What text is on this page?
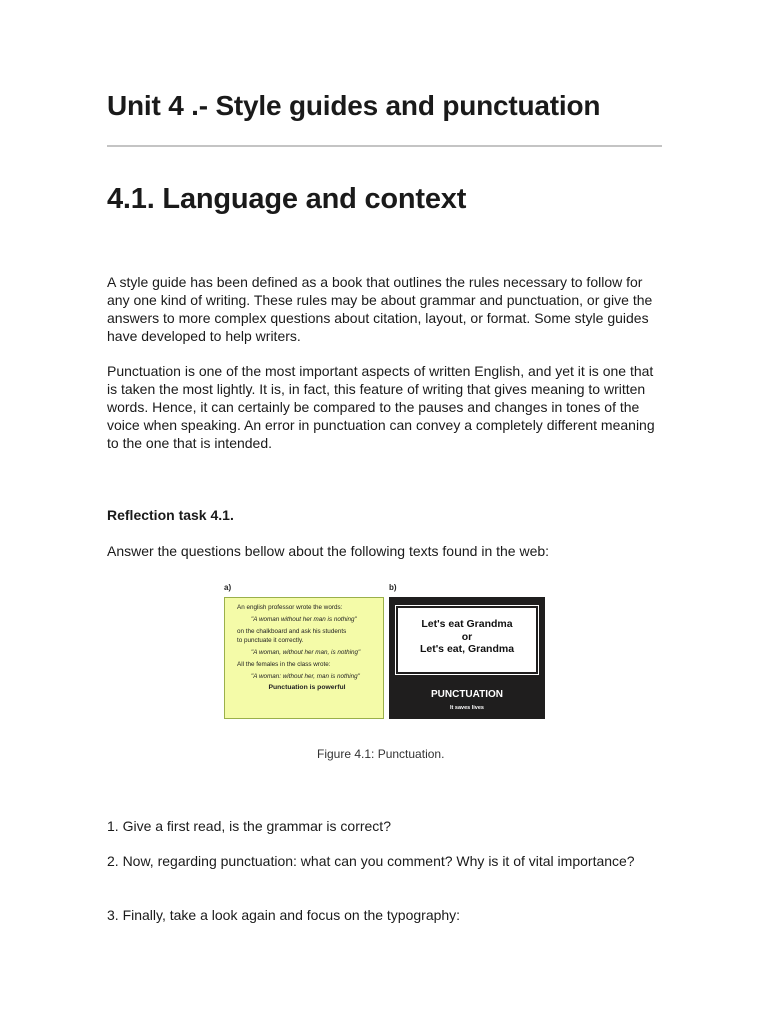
Unit 4 .- Style guides and punctuation
4.1. Language and context

A style guide has been defined as a book that outlines the rules necessary to follow for any one kind of writing. These rules may be about grammar and punctuation, or give the answers to more complex questions about citation, layout, or format. Some style guides have developed to help writers.

Punctuation is one of the most important aspects of written English, and yet it is one that is taken the most lightly. It is, in fact, this feature of writing that gives meaning to written words. Hence, it can certainly be compared to the pauses and changes in tones of the voice when speaking. An error in punctuation can convey a completely different meaning to the one that is intended.

Reflection task 4.1.
Answer the questions bellow about the following texts found in the web:
a)	b)
An english professor wrote the words:
"A woman without her man is nothing"
on the chalkboard and ask his students
to punctuate it correctly.
"A woman, without her man, is nothing"
All the females in the class wrote:
"A woman: without her, man is nothing"
Punctuation is powerful
Let's eat Grandma
or
Let's eat, Grandma
PUNCTUATION
It saves lives
Figure 4.1: Punctuation.

1. Give a first read, is the grammar is correct?

2. Now, regarding punctuation: what can you comment? Why is it of vital importance?

3. Finally, take a look again and focus on the typography:
